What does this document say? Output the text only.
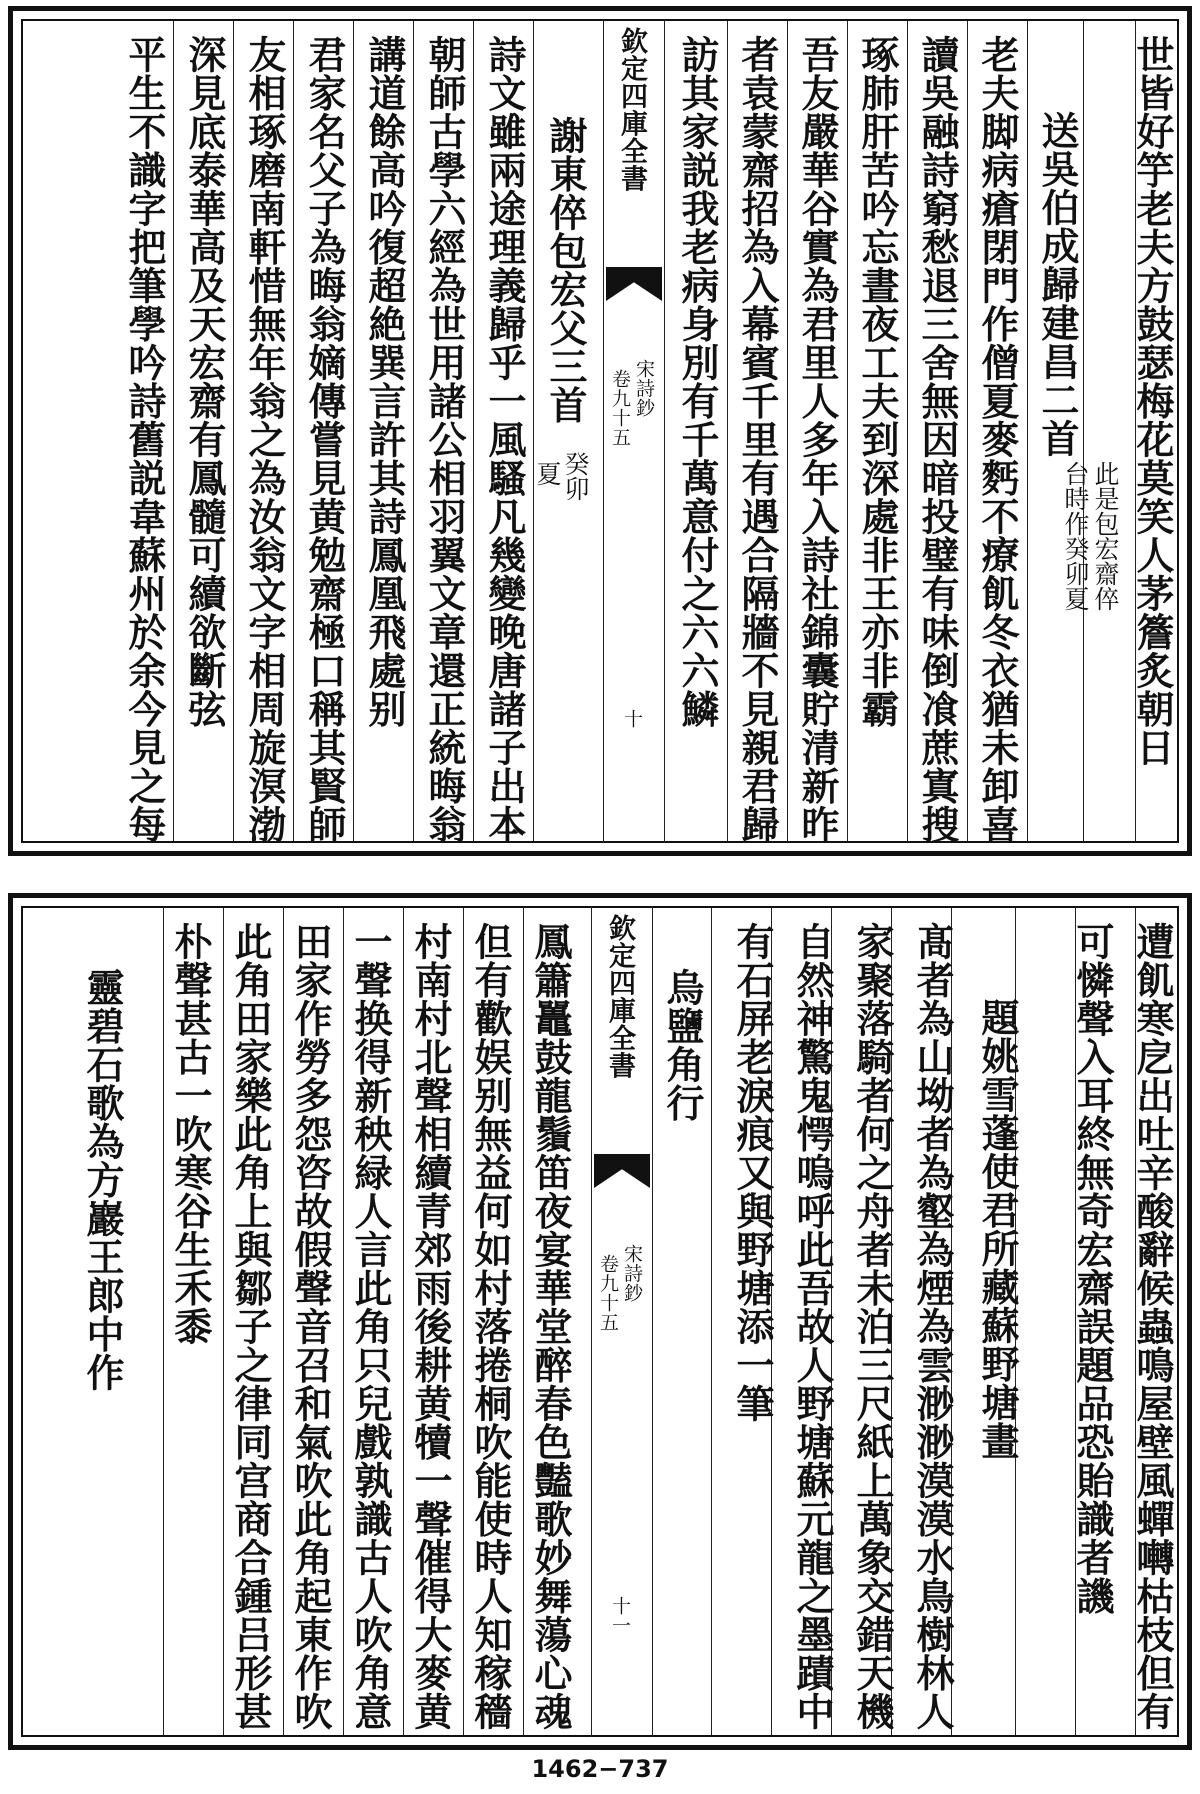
世皆好竽老夫方鼓瑟梅花莫笑人茅簷炙朝日
送吳伯成歸建昌二首
此是包宏齋倅
台時作癸卯夏
老夫脚病瘡閉門作僧夏麥麫不療飢冬衣猶未卸喜
讀吳融詩窮愁退三舍無因暗投璧有味倒飡蔗寘搜
琢肺肝苦吟忘晝夜工夫到深處非王亦非霸
吾友嚴華谷實為君里人多年入詩社錦囊貯清新昨
者袁蒙齋招為入幕賓千里有遇合隔牆不見親君歸
訪其家説我老病身別有千萬意付之六六鱗
欽定四庫全書
宋詩鈔
卷九十五
十
謝東倅包宏父三首
癸卯
夏
詩文雖兩途理義歸乎一風騷凡幾變晚唐諸子出本
朝師古學六經為世用諸公相羽翼文章還正統晦翁
講道餘高吟復超絶巽言許其詩鳳凰飛處别
君家名父子為晦翁嫡傳嘗見黄勉齋極口稱其賢師
友相琢磨南軒惜無年翁之為汝翁文字相周旋溟渤
深見底泰華高及天宏齋有鳳髓可續欲斷弦
平生不識字把筆學吟詩舊説韋蘇州於余今見之每
遭飢寒戹出吐辛酸辭候蟲鳴屋壁風蟬囀枯枝但有
可憐聲入耳終無奇宏齋誤題品恐貽識者譏
題姚雪蓬使君所藏蘇野塘畫
髙者為山坳者為壑為煙為雲渺渺漠漠水鳥樹林人
家聚落騎者何之舟者未泊三尺紙上萬象交錯天機
自然神驚鬼愕嗚呼此吾故人野塘蘇元龍之墨蹟中
有石屏老淚痕又與野塘添一筆
烏鹽角行
欽定四庫全書
宋詩鈔
卷九十五
十一
鳳簫鼉鼓龍鬚笛夜宴華堂醉春色豔歌妙舞蕩心魂
但有歡娱别無益何如村落捲桐吹能使時人知稼穡
村南村北聲相續青郊雨後耕黄犢一聲催得大麥黄
一聲换得新秧緑人言此角只兒戲孰識古人吹角意
田家作勞多怨咨故假聲音召和氣吹此角起東作吹
此角田家樂此角上與鄒子之律同宫商合鍾吕形甚
朴聲甚古一吹寒谷生禾黍
靈碧石歌為方巖王郎中作
1462−737
